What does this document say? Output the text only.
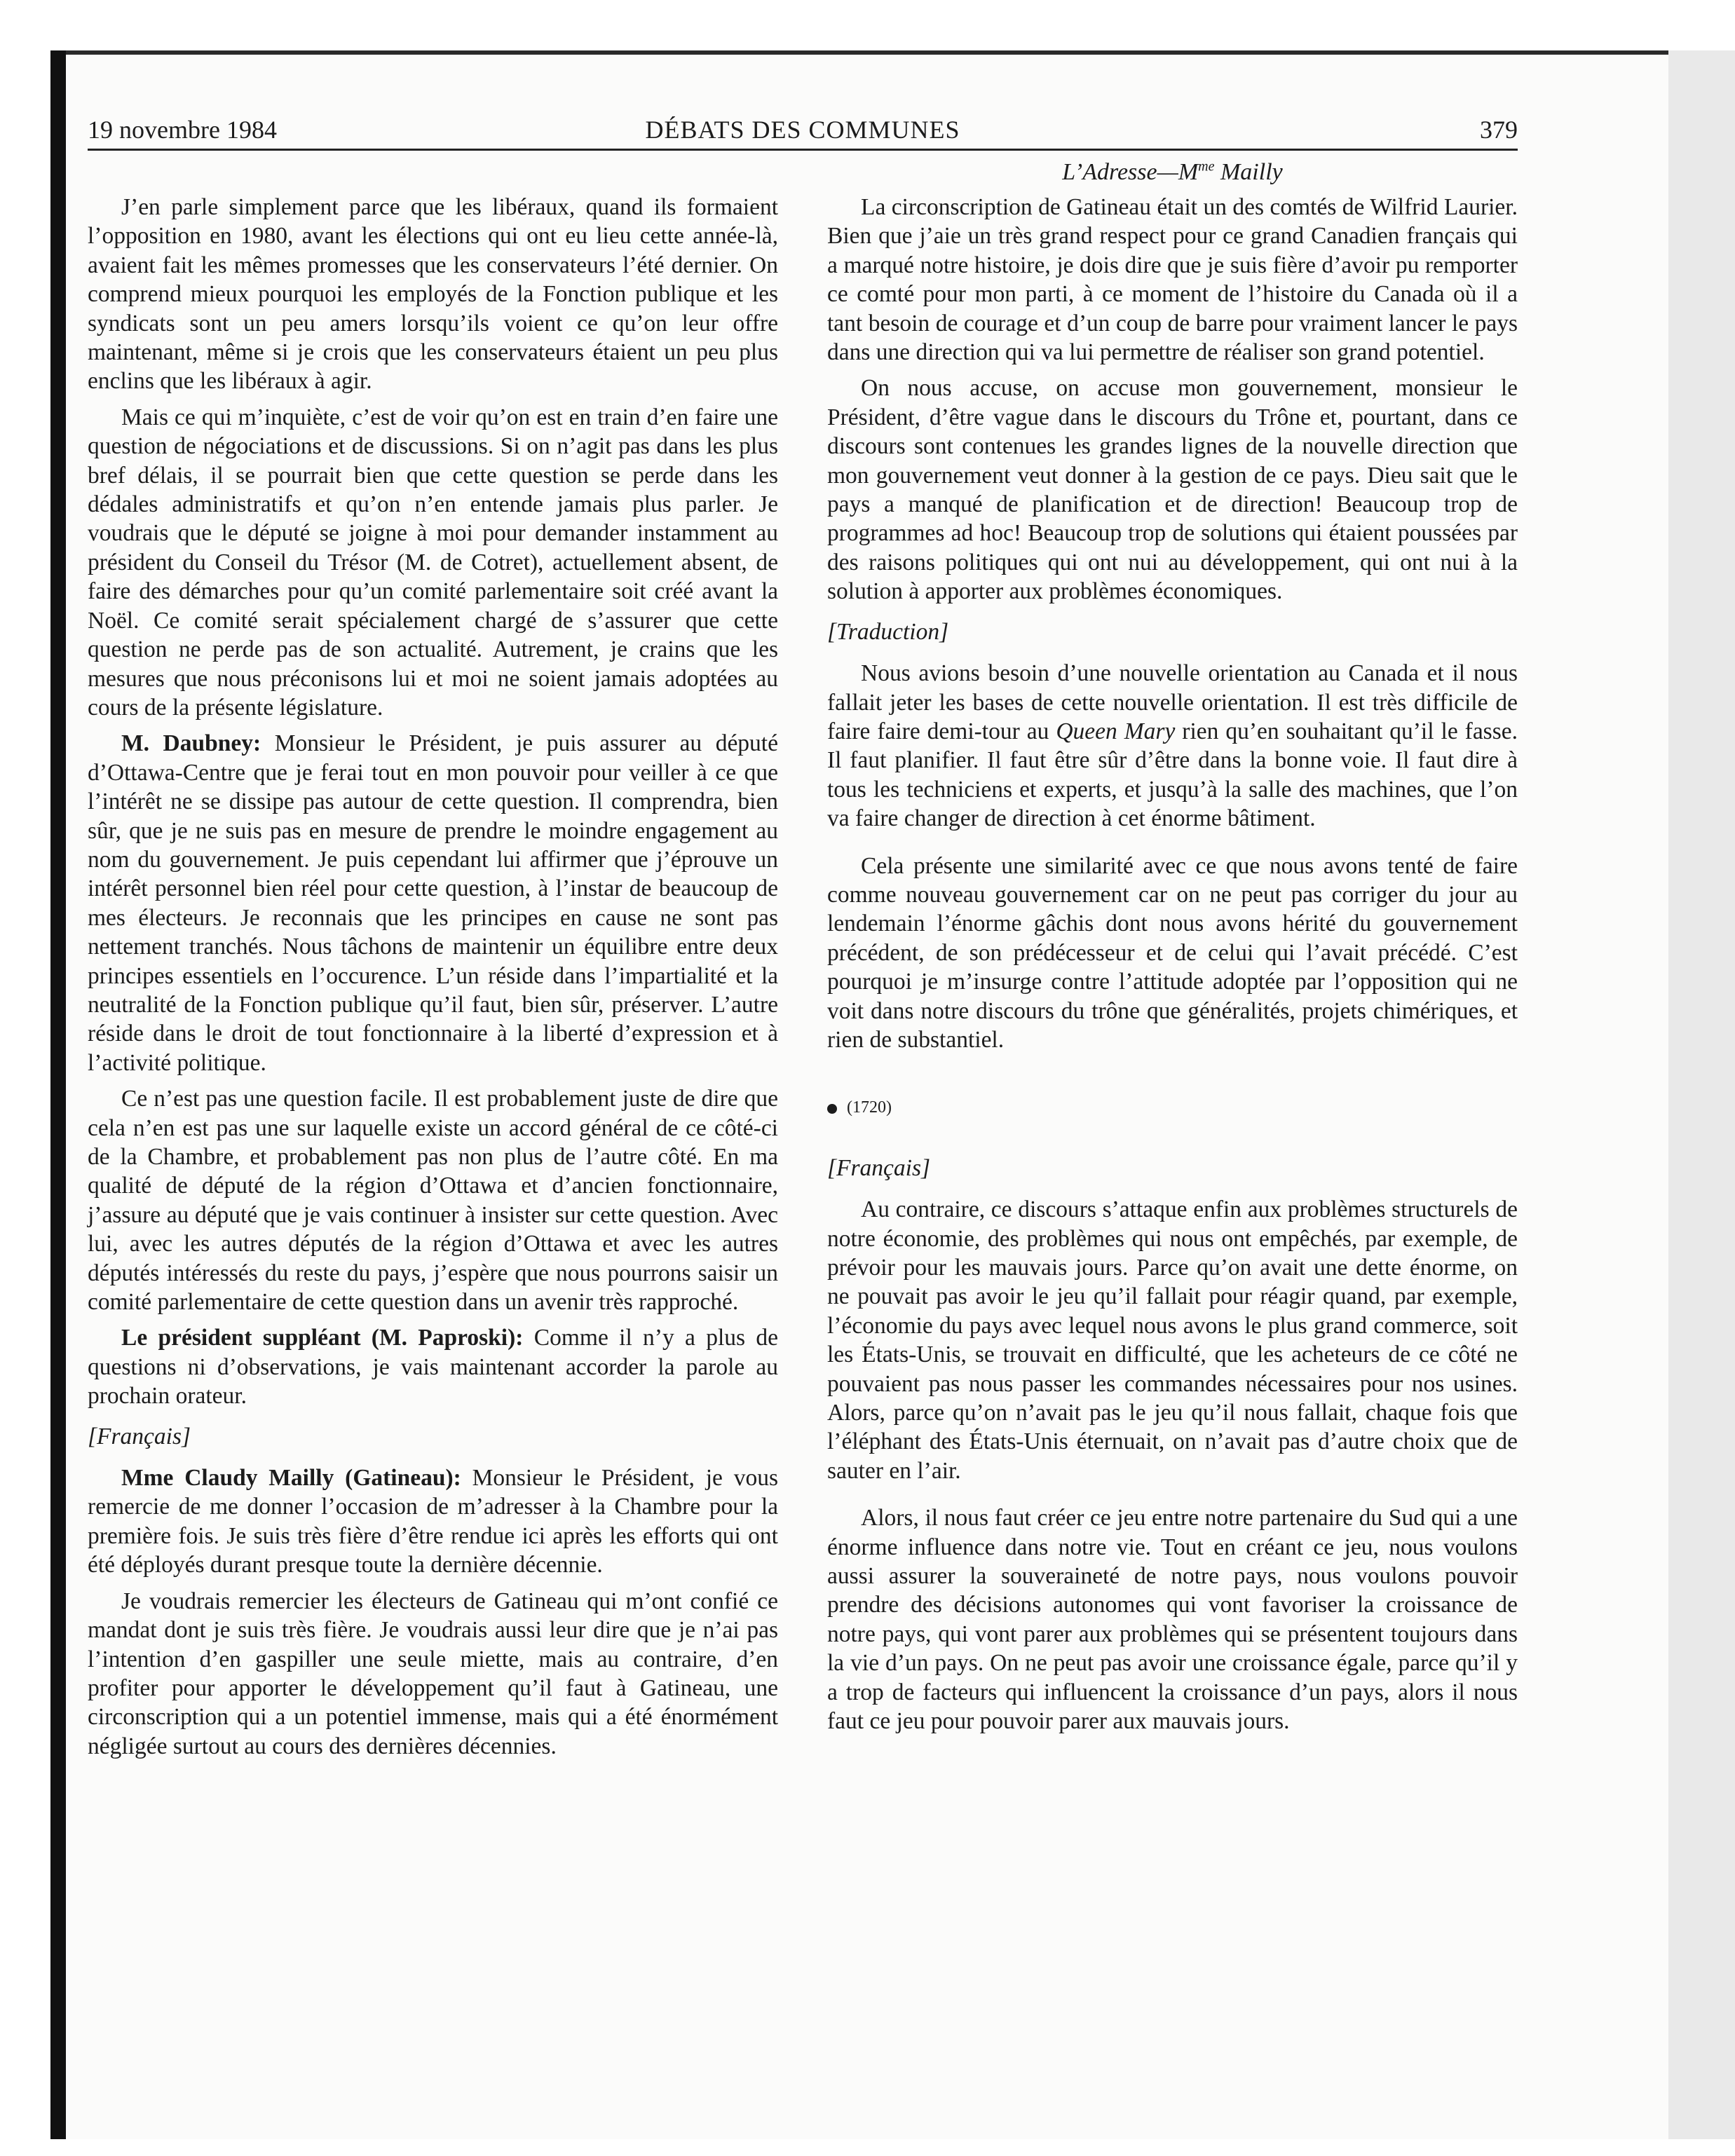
19 novembre 1984	DÉBATS DES COMMUNES	379
$L’Adresse—M^{me}$ Mailly

J’en parle simplement parce que les libéraux, quand ils formaient l’opposition en 1980, avant les élections qui ont eu lieu cette année-là, avaient fait les mêmes promesses que les conservateurs l’été dernier. On comprend mieux pourquoi les employés de la Fonction publique et les syndicats sont un peu amers lorsqu’ils voient ce qu’on leur offre maintenant, même si je crois que les conservateurs étaient un peu plus enclins que les libéraux à agir.

Mais ce qui m’inquiète, c’est de voir qu’on est en train d’en faire une question de négociations et de discussions. Si on n’agit pas dans les plus bref délais, il se pourrait bien que cette question se perde dans les dédales administratifs et qu’on n’en entende jamais plus parler. Je voudrais que le député se joigne à moi pour demander instamment au président du Conseil du Trésor (M. de Cotret), actuellement absent, de faire des démarches pour qu’un comité parlementaire soit créé avant la Noël. Ce comité serait spécialement chargé de s’assurer que cette question ne perde pas de son actualité. Autrement, je crains que les mesures que nous préconisons lui et moi ne soient jamais adoptées au cours de la présente législature.

M. Daubney: Monsieur le Président, je puis assurer au député d’Ottawa-Centre que je ferai tout en mon pouvoir pour veiller à ce que l’intérêt ne se dissipe pas autour de cette question. Il comprendra, bien sûr, que je ne suis pas en mesure de prendre le moindre engagement au nom du gouvernement. Je puis cependant lui affirmer que j’éprouve un intérêt personnel bien réel pour cette question, à l’instar de beaucoup de mes électeurs. Je reconnais que les principes en cause ne sont pas nettement tranchés. Nous tâchons de maintenir un équilibre entre deux principes essentiels en l’occurence. L’un réside dans l’impartialité et la neutralité de la Fonction publique qu’il faut, bien sûr, préserver. L’autre réside dans le droit de tout fonctionnaire à la liberté d’expression et à l’activité politique.

Ce n’est pas une question facile. Il est probablement juste de dire que cela n’en est pas une sur laquelle existe un accord général de ce côté-ci de la Chambre, et probablement pas non plus de l’autre côté. En ma qualité de député de la région d’Ottawa et d’ancien fonctionnaire, j’assure au député que je vais continuer à insister sur cette question. Avec lui, avec les autres députés de la région d’Ottawa et avec les autres députés intéressés du reste du pays, j’espère que nous pourrons saisir un comité parlementaire de cette question dans un avenir très rapproché.

Le président suppléant (M. Paproski): Comme il n’y a plus de questions ni d’observations, je vais maintenant accorder la parole au prochain orateur.

[Français]

Mme Claudy Mailly (Gatineau): Monsieur le Président, je vous remercie de me donner l’occasion de m’adresser à la Chambre pour la première fois. Je suis très fière d’être rendue ici après les efforts qui ont été déployés durant presque toute la dernière décennie.

Je voudrais remercier les électeurs de Gatineau qui m’ont confié ce mandat dont je suis très fière. Je voudrais aussi leur dire que je n’ai pas l’intention d’en gaspiller une seule miette, mais au contraire, d’en profiter pour apporter le développement qu’il faut à Gatineau, une circonscription qui a un potentiel immense, mais qui a été énormément négligée surtout au cours des dernières décennies.

La circonscription de Gatineau était un des comtés de Wilfrid Laurier. Bien que j’aie un très grand respect pour ce grand Canadien français qui a marqué notre histoire, je dois dire que je suis fière d’avoir pu remporter ce comté pour mon parti, à ce moment de l’histoire du Canada où il a tant besoin de courage et d’un coup de barre pour vraiment lancer le pays dans une direction qui va lui permettre de réaliser son grand potentiel.

On nous accuse, on accuse mon gouvernement, monsieur le Président, d’être vague dans le discours du Trône et, pourtant, dans ce discours sont contenues les grandes lignes de la nouvelle direction que mon gouvernement veut donner à la gestion de ce pays. Dieu sait que le pays a manqué de planification et de direction! Beaucoup trop de programmes ad hoc! Beaucoup trop de solutions qui étaient poussées par des raisons politiques qui ont nui au développement, qui ont nui à la solution à apporter aux problèmes économiques.

[Traduction]

Nous avions besoin d’une nouvelle orientation au Canada et il nous fallait jeter les bases de cette nouvelle orientation. Il est très difficile de faire faire demi-tour au Queen Mary rien qu’en souhaitant qu’il le fasse. Il faut planifier. Il faut être sûr d’être dans la bonne voie. Il faut dire à tous les techniciens et experts, et jusqu’à la salle des machines, que l’on va faire changer de direction à cet énorme bâtiment.

Cela présente une similarité avec ce que nous avons tenté de faire comme nouveau gouvernement car on ne peut pas corriger du jour au lendemain l’énorme gâchis dont nous avons hérité du gouvernement précédent, de son prédécesseur et de celui qui l’avait précédé. C’est pourquoi je m’insurge contre l’attitude adoptée par l’opposition qui ne voit dans notre discours du trône que généralités, projets chimériques, et rien de substantiel.

(1720)

[Français]

Au contraire, ce discours s’attaque enfin aux problèmes structurels de notre économie, des problèmes qui nous ont empêchés, par exemple, de prévoir pour les mauvais jours. Parce qu’on avait une dette énorme, on ne pouvait pas avoir le jeu qu’il fallait pour réagir quand, par exemple, l’économie du pays avec lequel nous avons le plus grand commerce, soit les États-Unis, se trouvait en difficulté, que les acheteurs de ce côté ne pouvaient pas nous passer les commandes nécessaires pour nos usines. Alors, parce qu’on n’avait pas le jeu qu’il nous fallait, chaque fois que l’éléphant des États-Unis éternuait, on n’avait pas d’autre choix que de sauter en l’air.

Alors, il nous faut créer ce jeu entre notre partenaire du Sud qui a une énorme influence dans notre vie. Tout en créant ce jeu, nous voulons aussi assurer la souveraineté de notre pays, nous voulons pouvoir prendre des décisions autonomes qui vont favoriser la croissance de notre pays, qui vont parer aux problèmes qui se présentent toujours dans la vie d’un pays. On ne peut pas avoir une croissance égale, parce qu’il y a trop de facteurs qui influencent la croissance d’un pays, alors il nous faut ce jeu pour pouvoir parer aux mauvais jours.
